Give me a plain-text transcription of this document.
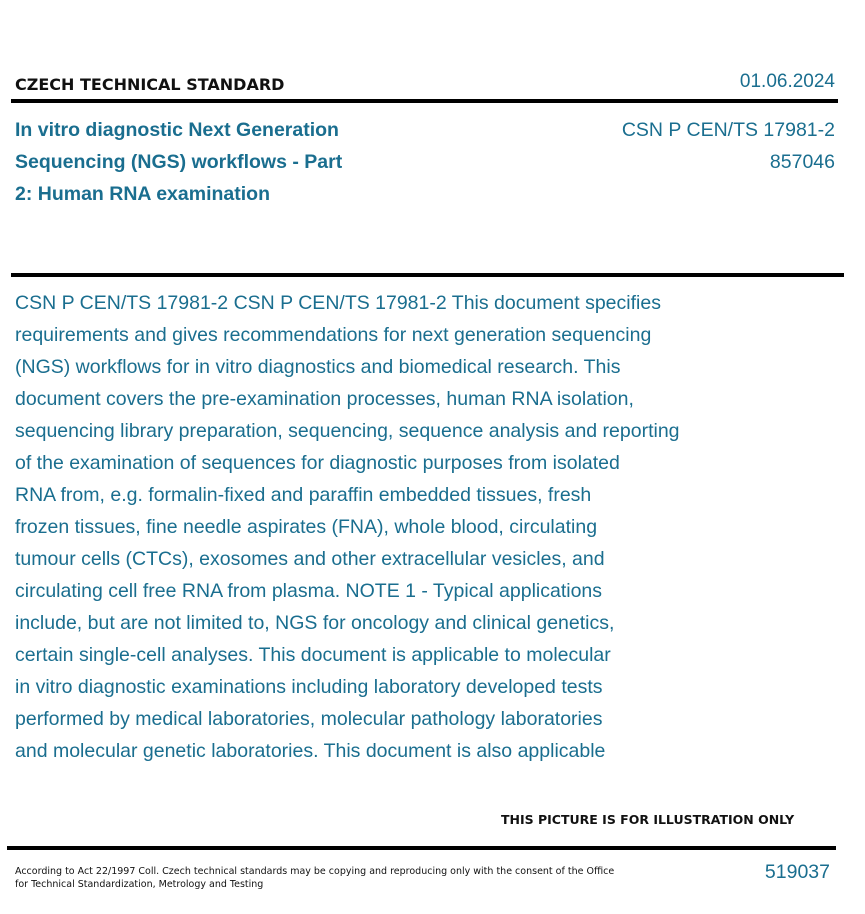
CZECH TECHNICAL STANDARD	01.06.2024
In vitro diagnostic Next Generation
Sequencing (NGS) workflows - Part
2: Human RNA examination
CSN P CEN/TS 17981-2
857046

CSN P CEN/TS 17981-2 CSN P CEN/TS 17981-2 This document specifies
requirements and gives recommendations for next generation sequencing
(NGS) workflows for in vitro diagnostics and biomedical research. This
document covers the pre-examination processes, human RNA isolation,
sequencing library preparation, sequencing, sequence analysis and reporting
of the examination of sequences for diagnostic purposes from isolated
RNA from, e.g. formalin-fixed and paraffin embedded tissues, fresh
frozen tissues, fine needle aspirates (FNA), whole blood, circulating
tumour cells (CTCs), exosomes and other extracellular vesicles, and
circulating cell free RNA from plasma. NOTE 1 - Typical applications
include, but are not limited to, NGS for oncology and clinical genetics,
certain single-cell analyses. This document is applicable to molecular
in vitro diagnostic examinations including laboratory developed tests
performed by medical laboratories, molecular pathology laboratories
and molecular genetic laboratories. This document is also applicable

THIS PICTURE IS FOR ILLUSTRATION ONLY
According to Act 22/1997 Coll. Czech technical standards may be copying and reproducing only with the consent of the Office
for Technical Standardization, Metrology and Testing
519037
